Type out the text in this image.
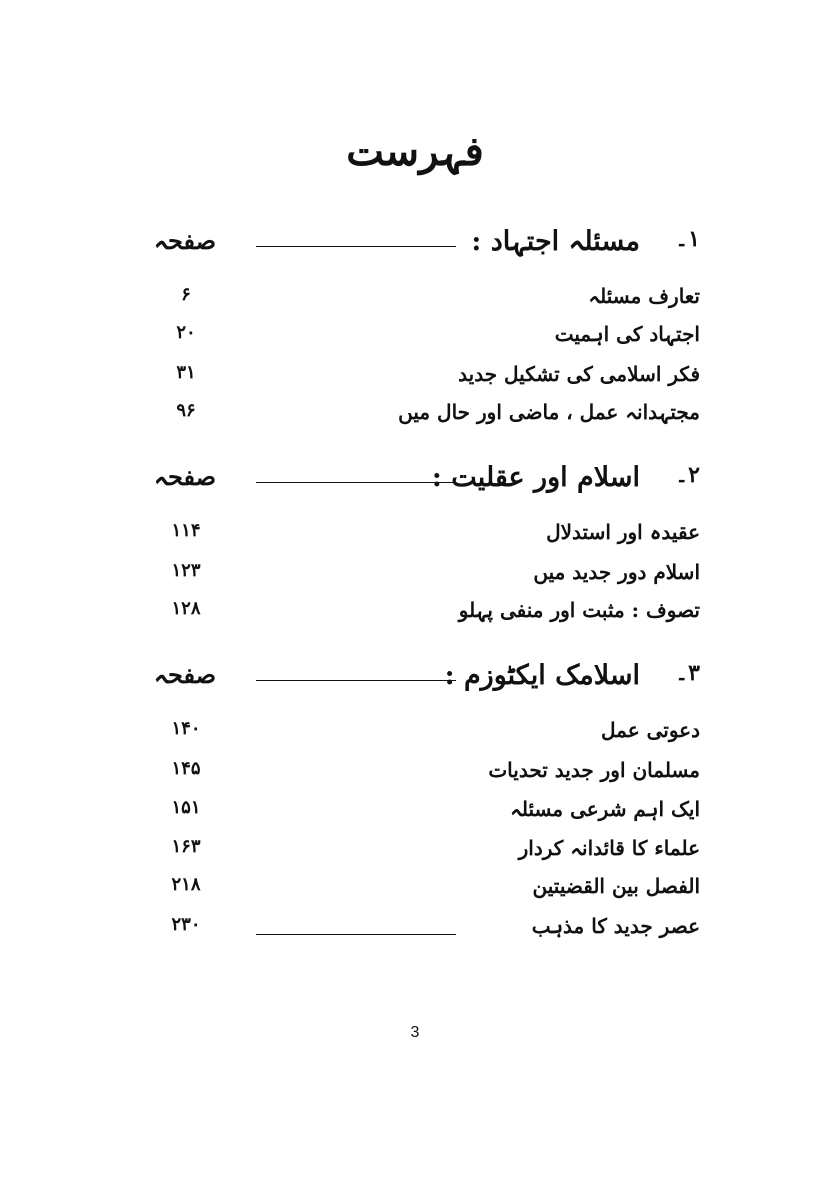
فہرست
۱۔
مسئلہ اجتہاد :
صفحہ
تعارف مسئلہ
۶
اجتہاد کی اہمیت
۲۰
فکر اسلامی کی تشکیل جدید
۳۱
مجتہدانہ عمل ، ماضی اور حال میں
۹۶
۲۔
اسلام اور عقلیت :
صفحہ
عقیدہ اور استدلال
۱۱۴
اسلام دور جدید میں
۱۲۳
تصوف : مثبت اور منفی پہلو
۱۲۸
۳۔
اسلامک ایکٹوزم :
صفحہ
دعوتی عمل
۱۴۰
مسلمان اور جدید تحدیات
۱۴۵
ایک اہم شرعی مسئلہ
۱۵۱
علماء کا قائدانہ کردار
۱۶۳
الفصل بین القضیتین
۲۱۸
عصر جدید کا مذہب
۲۳۰
3
